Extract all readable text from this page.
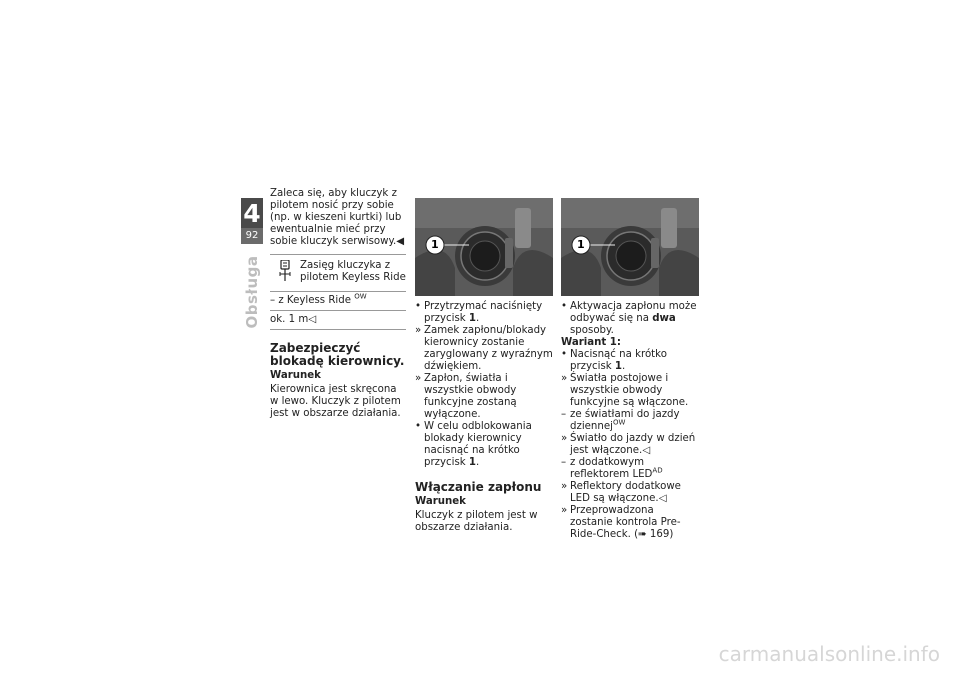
4
92
Obsługa

Zaleca się, aby kluczyk z pilotem nosić przy sobie (np. w kieszeni kurtki) lub ewentualnie mieć przy sobie kluczyk serwisowy.◀

Zasięg kluczyka z pilotem Keyless Ride
– z Keyless Ride $^{OW}$
ok. 1 m◁
Zabezpieczyć blokadę kierownicy.
Warunek

Kierownica jest skręcona w lewo. Kluczyk z pilotem jest w obszarze działania.

1
• Przytrzymać naciśnięty przycisk 1.
» Zamek zapłonu/blokady kierownicy zostanie zaryglowany z wyraźnym dźwiękiem.
» Zapłon, światła i wszystkie obwody funkcyjne zostaną wyłączone.
• W celu odblokowania blokady kierownicy nacisnąć na krótko przycisk 1.
Włączanie zapłonu
Warunek

Kluczyk z pilotem jest w obszarze działania.

1
• Aktywacja zapłonu może odbywać się na dwa sposoby.
Wariant 1:
• Nacisnąć na krótko przycisk 1.
» Światła postojowe i wszystkie obwody funkcyjne są włączone.
– ze światłami do jazdy dziennej$^{OW}$
» Światło do jazdy w dzień jest włączone.◁
– z dodatkowym reflektorem $LED^{AD}$
» Reflektory dodatkowe LED są włączone.◁
» Przeprowadzona zostanie kontrola Pre-Ride-Check. (➠ 169)
carmanualsonline.info
